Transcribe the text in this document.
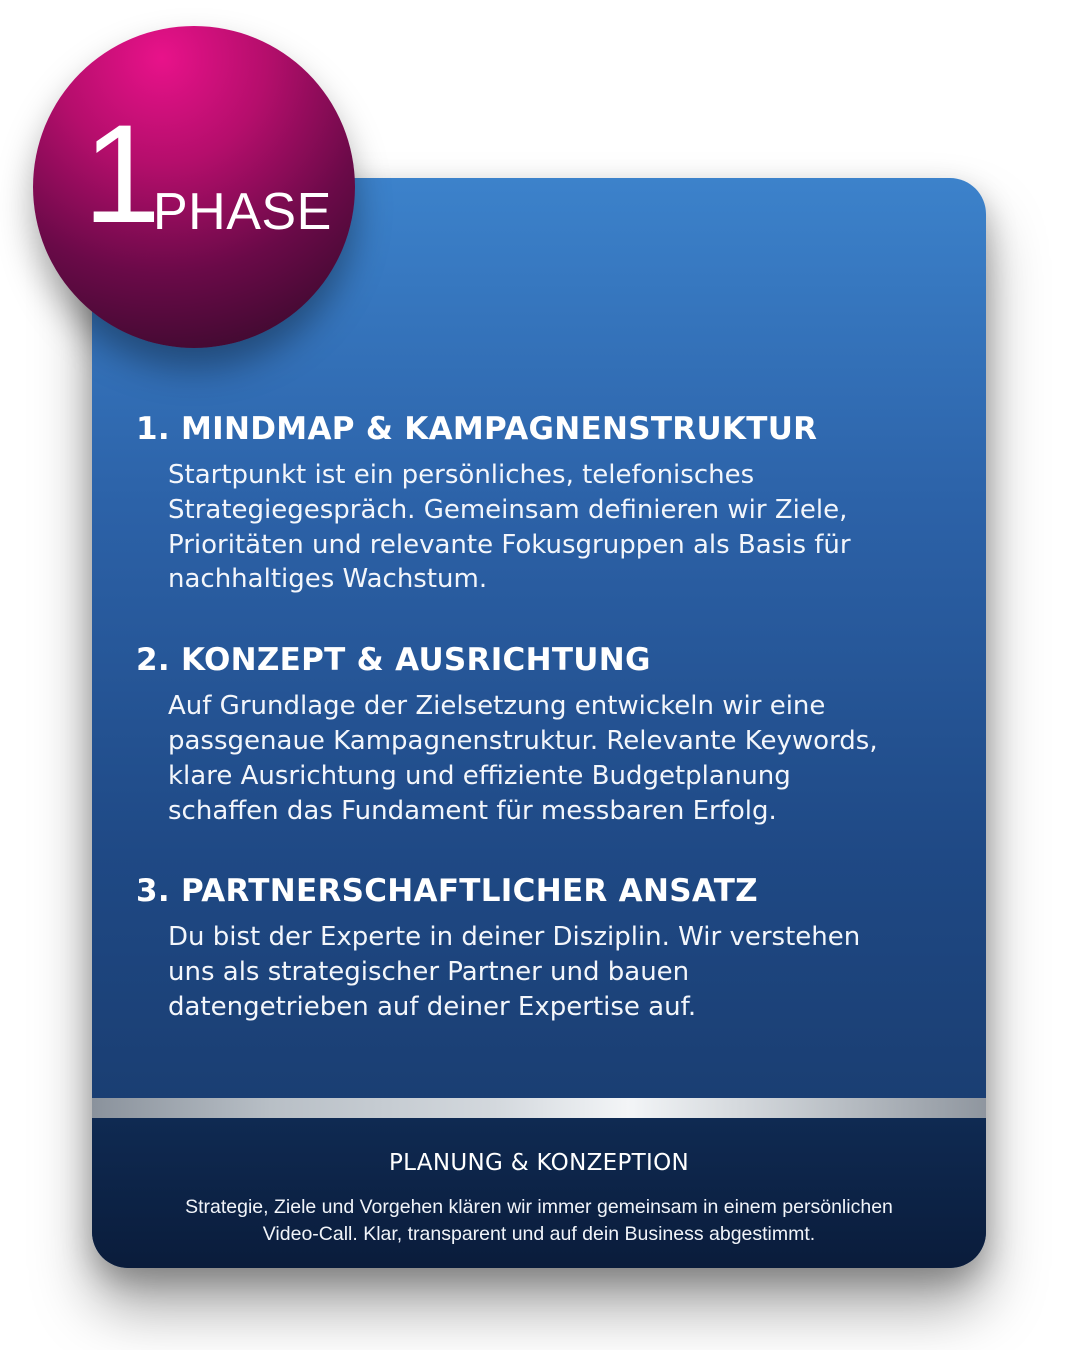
1. MINDMAP & KAMPAGNENSTRUKTUR

Startpunkt ist ein persönliches, telefonisches Strategiegespräch. Gemeinsam definieren wir Ziele, Prioritäten und relevante Fokusgruppen als Basis für nachhaltiges Wachstum.

2. KONZEPT & AUSRICHTUNG

Auf Grundlage der Zielsetzung entwickeln wir eine passgenaue Kampagnenstruktur. Relevante Keywords, klare Ausrichtung und effiziente Budgetplanung schaffen das Fundament für messbaren Erfolg.

3. PARTNERSCHAFTLICHER ANSATZ

Du bist der Experte in deiner Disziplin. Wir verstehen uns als strategischer Partner und bauen datengetrieben auf deiner Expertise auf.

PLANUNG & KONZEPTION
Strategie, Ziele und Vorgehen klären wir immer gemeinsam in einem persönlichen Video-Call. Klar, transparent und auf dein Business abgestimmt.
1
PHASE
